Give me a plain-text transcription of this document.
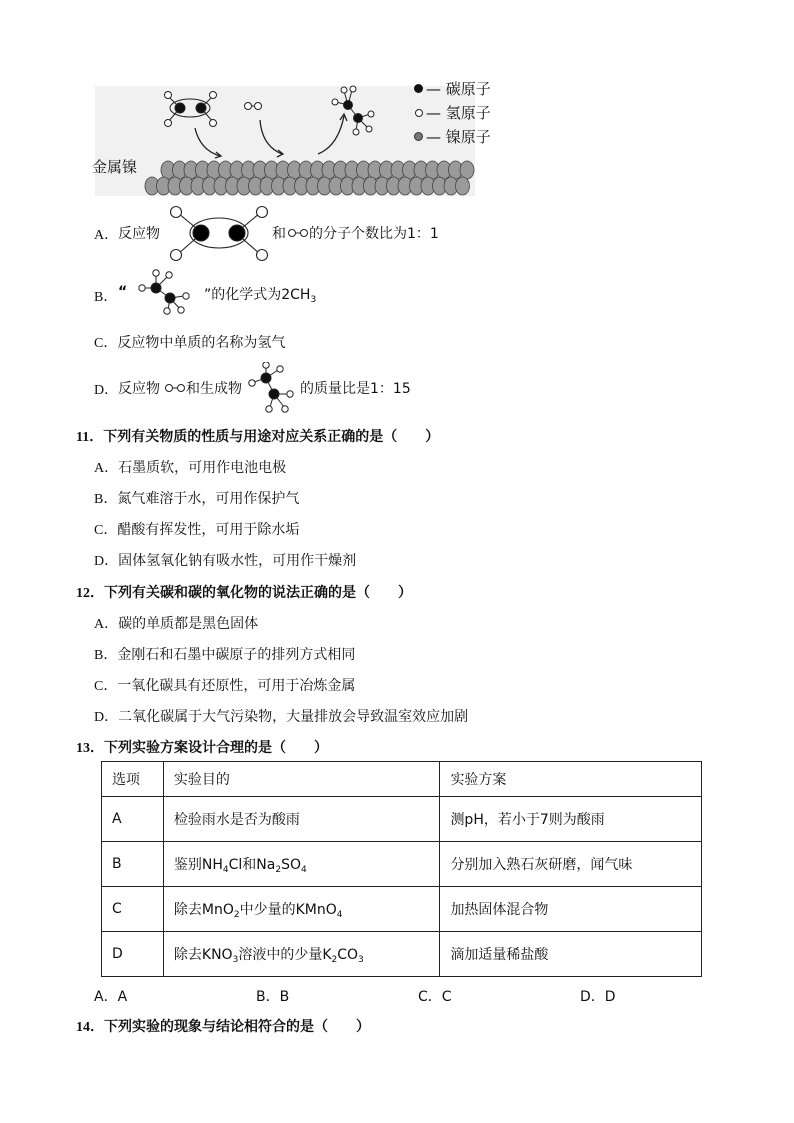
金属镍
— 碳原子
— 氢原子
— 镍原子
A． 反应物	和 的分子个数比为1：1
B． “	”的化学式为$2CH_3$
C．反应物中单质的名称为氢气
D． 反应物 和生成物	的质量比是1：15
11．下列有关物质的性质与用途对应关系正确的是（　　）
A．石墨质软，可用作电池电极
B．氮气难溶于水，可用作保护气
C．醋酸有挥发性，可用于除水垢
D．固体氢氧化钠有吸水性，可用作干燥剂
12．下列有关碳和碳的氧化物的说法正确的是（　　）
A．碳的单质都是黑色固体
B．金刚石和石墨中碳原子的排列方式相同
C．一氧化碳具有还原性，可用于冶炼金属
D．二氧化碳属于大气污染物，大量排放会导致温室效应加剧
13．下列实验方案设计合理的是（　　）
选项	实验目的	实验方案
A	检验雨水是否为酸雨	测pH，若小于7则为酸雨
B	鉴别$NH_4Cl$和$Na_2SO_4$	分别加入熟石灰研磨，闻气味
C	除去MnO$_2$中少量的KMnO$_4$	加热固体混合物
D	除去$KNO_3$溶液中的少量$K_2CO_3$	滴加适量稀盐酸
A．A	B．B	C．C	D．D
14．下列实验的现象与结论相符合的是（　　）
